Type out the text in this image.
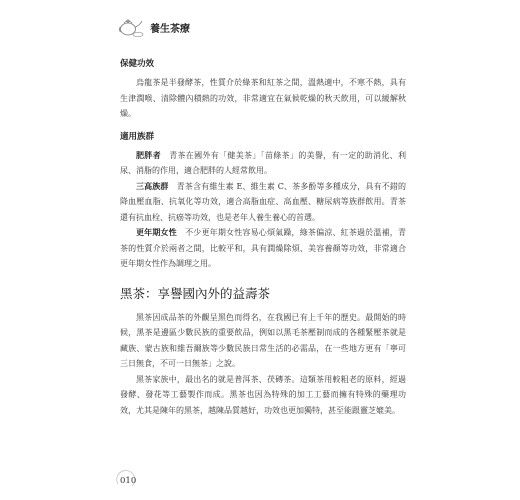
養生茶療
保健功效

烏龍茶是半發酵茶，性質介於綠茶和紅茶之間，溫熱適中，不寒不熱，具有生津潤喉、清除體內積熱的功效，非常適宜在氣候乾燥的秋天飲用，可以緩解秋燥。

適用族群

肥胖者　青茶在國外有「健美茶」「苗條茶」的美譽，有一定的助消化、利尿、消脂的作用，適合肥胖的人經常飲用。

三高族群　青茶含有維生素 E、維生素 C、茶多酚等多種成分，具有不錯的降血壓血脂、抗氧化等功效，適合高脂血症、高血壓、糖尿病等族群飲用。青茶還有抗血栓、抗癌等功效，也是老年人養生養心的首選。

更年期女性　不少更年期女性容易心煩氣躁，綠茶偏涼、紅茶過於溫補，青茶的性質介於兩者之間，比較平和，具有潤燥除煩、美容養顏等功效，非常適合更年期女性作為調理之用。

黑茶：享譽國內外的益壽茶

黑茶因成品茶的外觀呈黑色而得名，在我國已有上千年的歷史。最開始的時候，黑茶是邊區少數民族的重要飲品，例如以黑毛茶壓制而成的各種緊壓茶就是藏族、蒙古族和維吾爾族等少數民族日常生活的必需品，在一些地方更有「寧可三日無食，不可一日無茶」之說。

黑茶家族中，最出名的就是普洱茶、茯磚茶。這類茶用較粗老的原料，經過發酵、發花等工藝製作而成。黑茶也因為特殊的加工工藝而擁有特殊的藥理功效，尤其是陳年的黑茶，越陳品質越好，功效也更加獨特，甚至能跟靈芝媲美。

010
